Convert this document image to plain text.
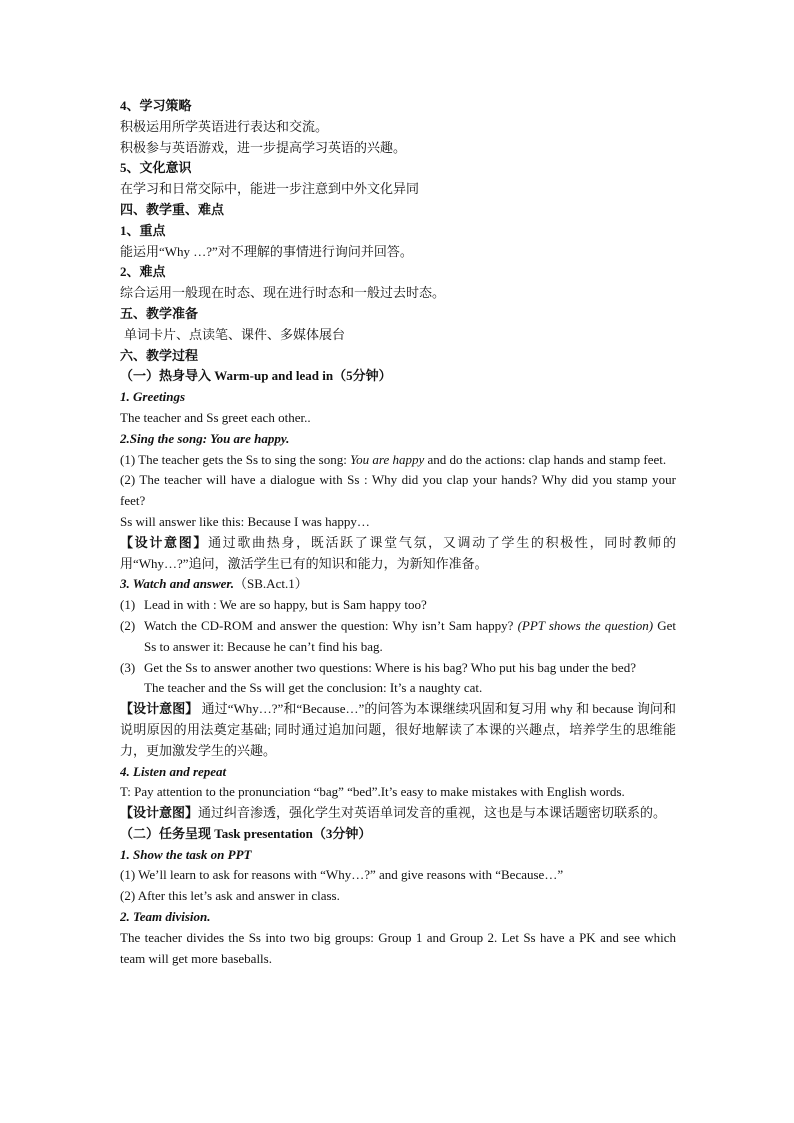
4、学习策略
积极运用所学英语进行表达和交流。
积极参与英语游戏，进一步提高学习英语的兴趣。
5、文化意识
在学习和日常交际中，能进一步注意到中外文化异同
四、教学重、难点
1、重点
能运用“Why …?”对不理解的事情进行询问并回答。
2、难点
综合运用一般现在时态、现在进行时态和一般过去时态。
五、教学准备
单词卡片、点读笔、课件、多媒体展台
六、教学过程
（一）热身导入 Warm-up and lead in（5分钟）
1. Greetings
The teacher and Ss greet each other..
2.Sing the song: You are happy.
(1) The teacher gets the Ss to sing the song: You are happy and do the actions: clap hands and stamp feet.
(2) The teacher will have a dialogue with Ss : Why did you clap your hands? Why did you stamp your feet?
Ss will answer like this: Because I was happy…
【设计意图】通过歌曲热身，既活跃了课堂气氛，又调动了学生的积极性，同时教师的用“Why…?”追问，激活学生已有的知识和能力，为新知作准备。
3. Watch and answer.（SB.Act.1）
(1) Lead in with : We are so happy, but is Sam happy too?
(2) Watch the CD-ROM and answer the question: Why isn’t Sam happy? (PPT shows the question) Get Ss to answer it: Because he can’t find his bag.
(3) Get the Ss to answer another two questions: Where is his bag? Who put his bag under the bed?
The teacher and the Ss will get the conclusion: It’s a naughty cat.
【设计意图】 通过“Why…?”和“Because…”的问答为本课继续巩固和复习用 why 和 because 询问和说明原因的用法奠定基础; 同时通过追加问题，很好地解读了本课的兴趣点，培养学生的思维能力，更加激发学生的兴趣。
4. Listen and repeat
T: Pay attention to the pronunciation “bag” “bed”.It’s easy to make mistakes with English words.
【设计意图】通过纠音渗透，强化学生对英语单词发音的重视，这也是与本课话题密切联系的。
（二）任务呈现 Task presentation（3分钟）
1. Show the task on PPT
(1) We’ll learn to ask for reasons with “Why…?” and give reasons with “Because…”
(2) After this let’s ask and answer in class.
2. Team division.
The teacher divides the Ss into two big groups: Group 1 and Group 2. Let Ss have a PK and see which team will get more baseballs.
